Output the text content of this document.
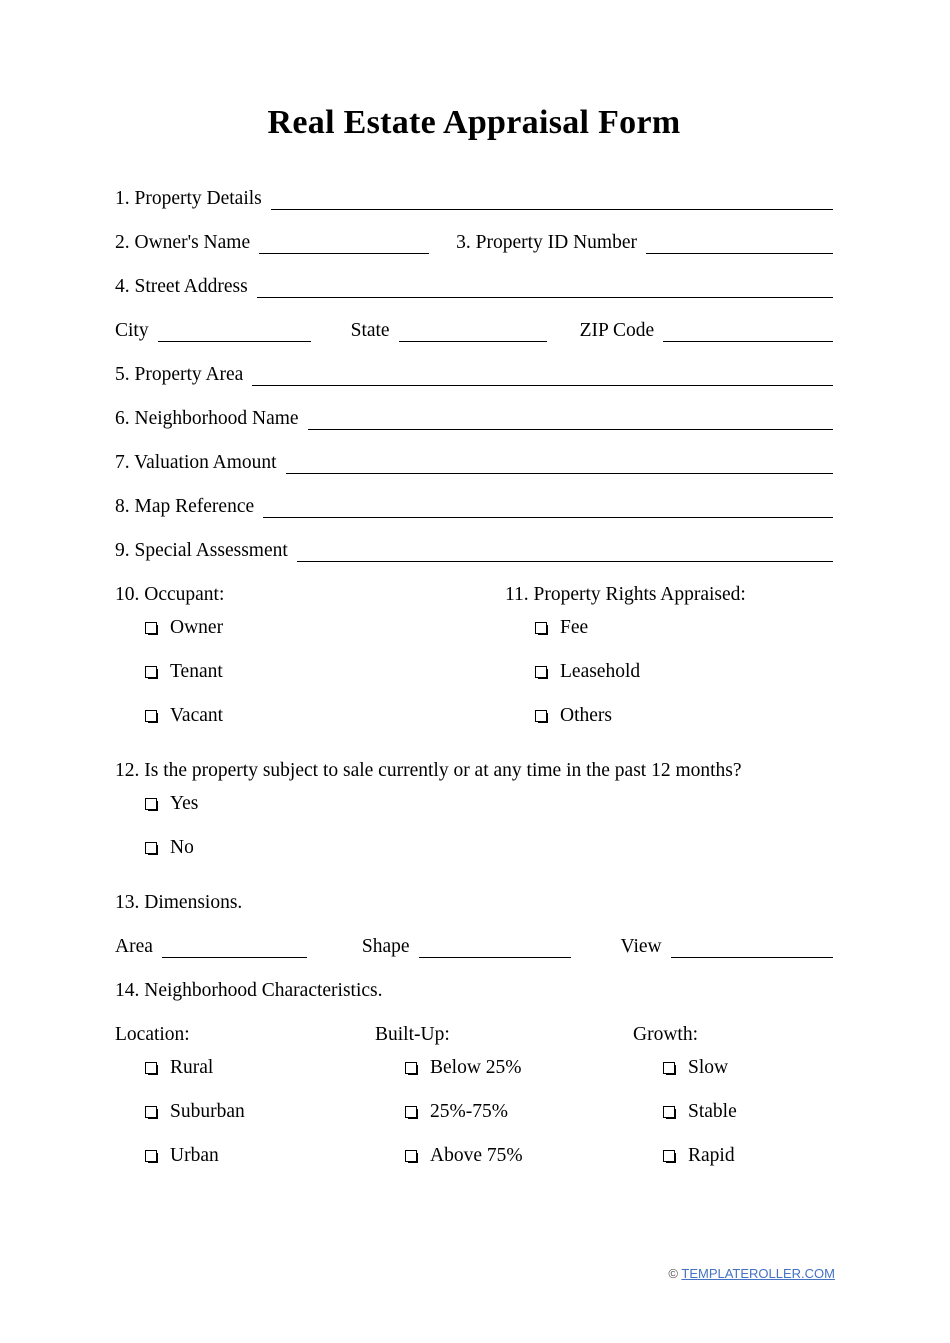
Real Estate Appraisal Form
1. Property Details
2. Owner's Name	3. Property ID Number
4. Street Address
City	State	ZIP Code
5. Property Area
6. Neighborhood Name
7. Valuation Amount
8. Map Reference
9. Special Assessment
10. Occupant:
Owner
Tenant
Vacant
11. Property Rights Appraised:
Fee
Leasehold
Others
12. Is the property subject to sale currently or at any time in the past 12 months?
Yes
No
13. Dimensions.
Area	Shape	View
14. Neighborhood Characteristics.
Location:
Rural
Suburban
Urban
Built-Up:
Below 25%
25%-75%
Above 75%
Growth:
Slow
Stable
Rapid
© TEMPLATEROLLER.COM
